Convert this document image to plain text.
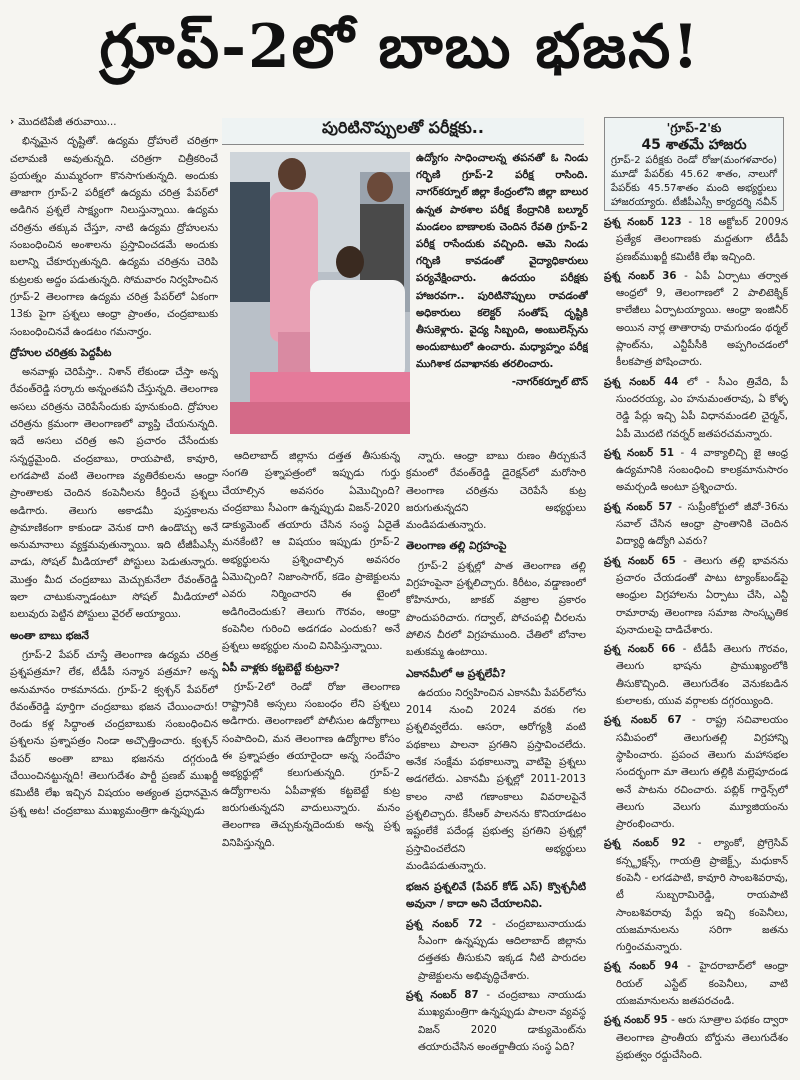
గ్రూప్-2లో బాబు భజన!
› మొదటిపేజీ తరువాయి...

భిన్నమైన దృష్టితో. ఉద్యమ ద్రోహులే చరిత్రగా చలామణి అవుతున్నది. చరిత్రగా చిత్రీకరించే ప్రయత్నం ముమ్మరంగా కొనసాగుతున్నది. అందుకు తాజాగా గ్రూప్-2 పరీక్షలో ఉద్యమ చరిత్ర పేపర్‌లో అడిగిన ప్రశ్నలే సాక్ష్యంగా నిలుస్తున్నాయి. ఉద్యమ చరిత్రను తక్కువ చేస్తూ, నాటి ఉద్యమ ద్రోహులను సంబంధించిన అంశాలను ప్రస్తావించడమే అందుకు బలాన్ని చేకూర్చుతున్నది. ఉద్యమ చరిత్రను చెరిపి కుట్రలకు అద్దం పడుతున్నది. సోమవారం నిర్వహించిన గ్రూప్-2 తెలంగాణ ఉద్యమ చరిత్ర పేపర్‌లో ఏకంగా 13కు పైగా ప్రశ్నలు ఆంధ్రా ప్రాంతం, చంద్రబాబుకు సంబంధించినవే ఉండటం గమనార్హం.

ద్రోహుల చరిత్రకు పెద్దపీట

అనవాళ్లు చెరిపేస్తా.. నిశాన్ లేకుండా చేస్తా అన్న రేవంత్‌రెడ్డి సర్కారు అన్నంతపనీ చేస్తున్నది. తెలంగాణ అసలు చరిత్రను చెరిపేసేందుకు పూనుకుంది. ద్రోహుల చరిత్రను క్రమంగా తెలంగాణలో వ్యాప్తి చేయనున్నది. ఇదే అసలు చరిత్ర అని ప్రచారం చేసేందుకు సన్నద్ధమైంది. చంద్రబాబు, రాయపాటి, కావూరి, లగడపాటి వంటి తెలంగాణ వ్యతిరేకులను ఆంధ్రా ప్రాంతాలకు చెందిన కంపెనీలను కీర్తించే ప్రశ్నలు అడిగారు. తెలుగు అకాడమీ పుస్తకాలను ప్రామాణికంగా కాకుండా వెనుక దాగి ఉండొచ్చు అనే అనుమానాలు వ్యక్తమవుతున్నాయి. ఇది టీజీపీఎస్సీ వాడు, సోషల్ మీడియాలో పోస్టులు పెడుతున్నారు. మొత్తం మీద చంద్రబాబు మెచ్చుకునేలా రేవంత్‌రెడ్డి ఇలా చాటుకున్నాడంటూ సోషల్ మీడియాలో బలువురు పెట్టిన పోస్టులు వైరల్ అయ్యాయి.

అంతా బాబు భజనే

గ్రూప్-2 పేపర్ చూస్తే తెలంగాణ ఉద్యమ చరిత్ర ప్రశ్నపత్రమా? లేక, టీడీపీ సన్మాన పత్రమా? అన్న అనుమానం రాకమానదు. గ్రూప్-2 క్వశ్చన్ పేపర్‌లో రేవంత్‌రెడ్డి పూర్తిగా చంద్రబాబు భజన చేయించారు! రెండు కళ్ల సిద్ధాంత చంద్రబాబుకు సంబంధించిన ప్రశ్నలను ప్రశ్నాపత్రం నిండా అచ్చొత్తించారు. క్వశ్చన్ పేపర్ అంతా బాబు భజనను దగ్గరుండి చేయించినట్టున్నది! తెలుగుదేశం పార్టీ ప్రణబ్ ముఖర్జీ కమిటీకి లేఖ ఇచ్చిన విషయం అత్యంత ప్రధానమైన ప్రశ్న అట! చంద్రబాబు ముఖ్యమంత్రిగా ఉన్నప్పుడు

పురిటినొప్పులతో పరీక్షకు..
ఉద్యోగం సాధించాలన్న తపనతో ఓ నిండు గర్భిణి గ్రూప్-2 పరీక్ష రాసింది. నాగర్‌కర్నూల్ జిల్లా కేంద్రంలోని జిల్లా బాలుర ఉన్నత పాఠశాల పరీక్ష కేంద్రానికి బల్మూర్ మండలం బాణాలకు చెందిన రేవతి గ్రూప్-2 పరీక్ష రాసేందుకు వచ్చింది. ఆమె నిండు గర్భిణి కావడంతో వైద్యాధికారులు పర్యవేక్షించారు. ఉదయం పరీక్షకు హాజరవగా.. పురిటినొప్పులు రావడంతో అధికారులు కలెక్టర్ సంతోష్ దృష్టికి తీసుకెళ్లారు. వైద్య సిబ్బంది, అంబులెన్స్‌ను అందుబాటులో ఉంచారు. మధ్యాహ్నం పరీక్ష ముగిశాక దవాఖానకు తరలించారు.
-నాగర్‌కర్నూల్ టౌన్

ఆదిలాబాద్ జిల్లాను దత్తత తీసుకున్న సంగతి ప్రశ్నాపత్రంలో ఇప్పుడు గుర్తు చేయాల్సిన అవసరం ఏమొచ్చింది? చంద్రబాబు సీఎంగా ఉన్నప్పుడు విజన్-2020 డాక్యుమెంట్ తయారు చేసిన సంస్థ ఏదైతే మనకేంటి? ఆ విషయం ఇప్పుడు గ్రూప్-2 అభ్యర్థులను ప్రశ్నించాల్సిన అవసరం ఏమొచ్చింది? నిజాంసాగర్, కడెం ప్రాజెక్టులను ఎవరు నిర్మించారని ఈ టైంలో అడిగిందెందుకు? తెలుగు గౌరవం, ఆంధ్రా కంపెనీల గురించి అడగడం ఎందుకు? అనే ప్రశ్నలు అభ్యర్థుల నుంచి వినిపిస్తున్నాయి.

ఏపీ వాళ్లకు కట్టబెట్టే కుట్రనా?

గ్రూప్-2లో రెండో రోజు తెలంగాణ రాష్ట్రానికి అస్సలు సంబంధం లేని ప్రశ్నలు అడిగారు. తెలంగాణలో పోలీసుల ఉద్యోగాలు సంపాదించి, మన తెలంగాణ ఉద్యోగాల కోసం ఈ ప్రశ్నాపత్రం తయారైందా అన్న సందేహం అభ్యర్థుల్లో కలుగుతున్నది. గ్రూప్-2 ఉద్యోగాలను ఏపీవాళ్లకు కట్టబెట్టే కుట్ర జరుగుతున్నదని వాదులున్నారు. మనం తెలంగాణ తెచ్చుకున్నదెందుకు అన్న ప్రశ్న వినిపిస్తున్నది.

న్నారు. ఆంధ్రా బాబు రుణం తీర్చుకునే క్రమంలో రేవంత్‌రెడ్డి డైరెక్షన్‌లో మరోసారి తెలంగాణ చరిత్రను చెరిపేసే కుట్ర జరుగుతున్నదని అభ్యర్థులు మండిపడుతున్నారు.

తెలంగాణ తల్లి విగ్రహంపై

గ్రూప్-2 ప్రశ్నల్లో పాత తెలంగాణ తల్లి విగ్రహంపైనా ప్రశ్నలిచ్చారు. కిరీటం, వడ్డాణంలో కోహినూరు, జాకబ్ వజ్రాల ప్రకారం పొందుపరిచారు. గద్వాల్, పోచంపల్లి చీరలను పోలిన చీరలో విగ్రహముంది. చేతిలో బోనాల బతుకమ్మ ఉంటాయి.

ఎకానమీలో ఆ ప్రశ్నలేవీ?

ఉదయం నిర్వహించిన ఎకానమీ పేపర్‌లోను 2014 నుంచి 2024 వరకు గల ప్రశ్నలివ్వలేదు. ఆసరా, ఆరోగ్యశ్రీ వంటి పథకాలు పాలనా ప్రగతిని ప్రస్తావించలేదు. అనేక సంక్షేమ పథకాలున్నా వాటిపై ప్రశ్నలు అడగలేదు. ఎకానమీ ప్రశ్నల్లో 2011-2013 కాలం నాటి గణాంకాలు వివరాలపైనే ప్రశ్నలిచ్చారు. కేసీఆర్ పాలనను కొనియాడటం ఇష్టంలేకే పదేండ్ల ప్రభుత్వ ప్రగతిని ప్రశ్నల్లో ప్రస్తావించలేదని అభ్యర్థులు మండిపడుతున్నారు.

భజన ప్రశ్నలివే (పేపర్ కోడ్ ఎస్) క్వొశ్చనీటి అవునా / కాదా అని చేయాలనివి.
ప్రశ్న నంబర్ 72 - చంద్రబాబునాయుడు సీఎంగా ఉన్నప్పుడు ఆదిలాబాద్ జిల్లాను దత్తతకు తీసుకుని ఇక్కడ నీటి పారుదల ప్రాజెక్టులను అభివృద్ధిచేశారు.
ప్రశ్న నంబర్ 87 - చంద్రబాబు నాయుడు ముఖ్యమంత్రిగా ఉన్నప్పుడు పాలనా వ్యవస్థ విజన్ 2020 డాక్యుమెంట్‌ను తయారుచేసిన అంతర్జాతీయ సంస్థ ఏది?
'గ్రూప్-2'కు
45 శాతమే హాజరు
గ్రూప్-2 పరీక్షకు రెండో రోజు(మంగళవారం) మూడో పేపర్‌కు 45.62 శాతం, నాలుగో పేపర్‌కు 45.57శాతం మంది అభ్యర్థులు హాజరయ్యారు. టీజీపీఎస్సీ కార్యదర్శి నవీన్
ప్రశ్న నంబర్ 123 - 18 అక్టోబర్ 2009న ప్రత్యేక తెలంగాణకు మద్దతుగా టీడీపీ ప్రణబ్‌ముఖర్జీ కమిటీకి లేఖ ఇచ్చింది.
ప్రశ్న నంబర్ 36 - ఏపీ ఏర్పాటు తర్వాత ఆంధ్రలో 9, తెలంగాణలో 2 పాలిటెక్నిక్ కాలేజీలు ఏర్పాటయ్యాయి. ఆంధ్రా ఇంజినీర్ అయిన నార్ల తాతారావు రామగుండం థర్మల్ ప్లాంట్‌ను, ఎన్టీపీసీకి అప్పగించడంలో కీలకపాత్ర పోషించారు.
ప్రశ్న నంబర్ 44 లో - సీఎం త్రివేది, పీ సుందరయ్య, ఎం హనుమంతరావు, ఏ కోళ్ళ రెడ్డి పేర్లు ఇచ్చి ఏపీ విధానమండలి చైర్మన్, ఏపీ మొదటి గవర్నర్ జతపరచమన్నారు.
ప్రశ్న నంబర్ 51 - 4 వాక్యాలిచ్చి జై ఆంధ్ర ఉద్యమానికి సంబంధించి కాలక్రమానుసారం అమర్చండి అంటూ ప్రశ్నించారు.
ప్రశ్న నంబర్ 57 - సుప్రీంకోర్టులో జీవో-36ను సవాల్ చేసిన ఆంధ్రా ప్రాంతానికి చెందిన విద్యార్థి ఉద్యోగి ఎవరు?
ప్రశ్న నంబర్ 65 - తెలుగు తల్లి భావనను ప్రచారం చేయడంతో పాటు ట్యాంక్‌బండ్‌పై ఆంధ్రుల విగ్రహాలను ఏర్పాటు చేసి, ఎన్టీ రామారావు తెలంగాణ సమాజ సాంస్కృతిక పునాదులపై దాడిచేశారు.
ప్రశ్న నంబర్ 66 - టీడీపీ తెలుగు గౌరవం, తెలుగు భాషను ప్రాముఖ్యంలోకి తీసుకొచ్చింది. తెలుగుదేశం వెనుకబడిన కులాలకు, యువ వర్గాలకు దగ్గరయ్యింది.
ప్రశ్న నంబర్ 67 - రాష్ట్ర సచివాలయం సమీపంలో తెలుగుతల్లి విగ్రహాన్ని స్థాపించారు. ప్రపంచ తెలుగు మహాసభల సందర్భంగా మా తెలుగు తల్లికి మల్లెపూదండ అనే పాటను రచించారు. పబ్లిక్ గార్డెన్స్‌లో తెలుగు వెలుగు మ్యూజియంను ప్రారంభించారు.
ప్రశ్న నంబర్ 92 - ల్యాంకో, ప్రోగ్రెసివ్ కన్స్ట్రక్షన్స్, గాయత్రి ప్రాజెక్ట్స్, మధుకాన్ కంపెనీ - లగడపాటి, కావూరి సాంబశివరావు, టీ సుబ్బరామిరెడ్డి, రాయపాటి సాంబశివరావు పేర్లు ఇచ్చి కంపెనీలు, యజమానులను సరిగా జతను గుర్తించమన్నారు.
ప్రశ్న నంబర్ 94 - హైదరాబాద్‌లో ఆంధ్రా రియల్ ఎస్టేట్ కంపెనీలు, వాటి యజమానులను జతపరచండి.
ప్రశ్న నంబర్ 95 - ఆరు సూత్రాల పథకం ద్వారా తెలంగాణ ప్రాంతీయ బోర్డును తెలుగుదేశం ప్రభుత్వం రద్దుచేసింది.
